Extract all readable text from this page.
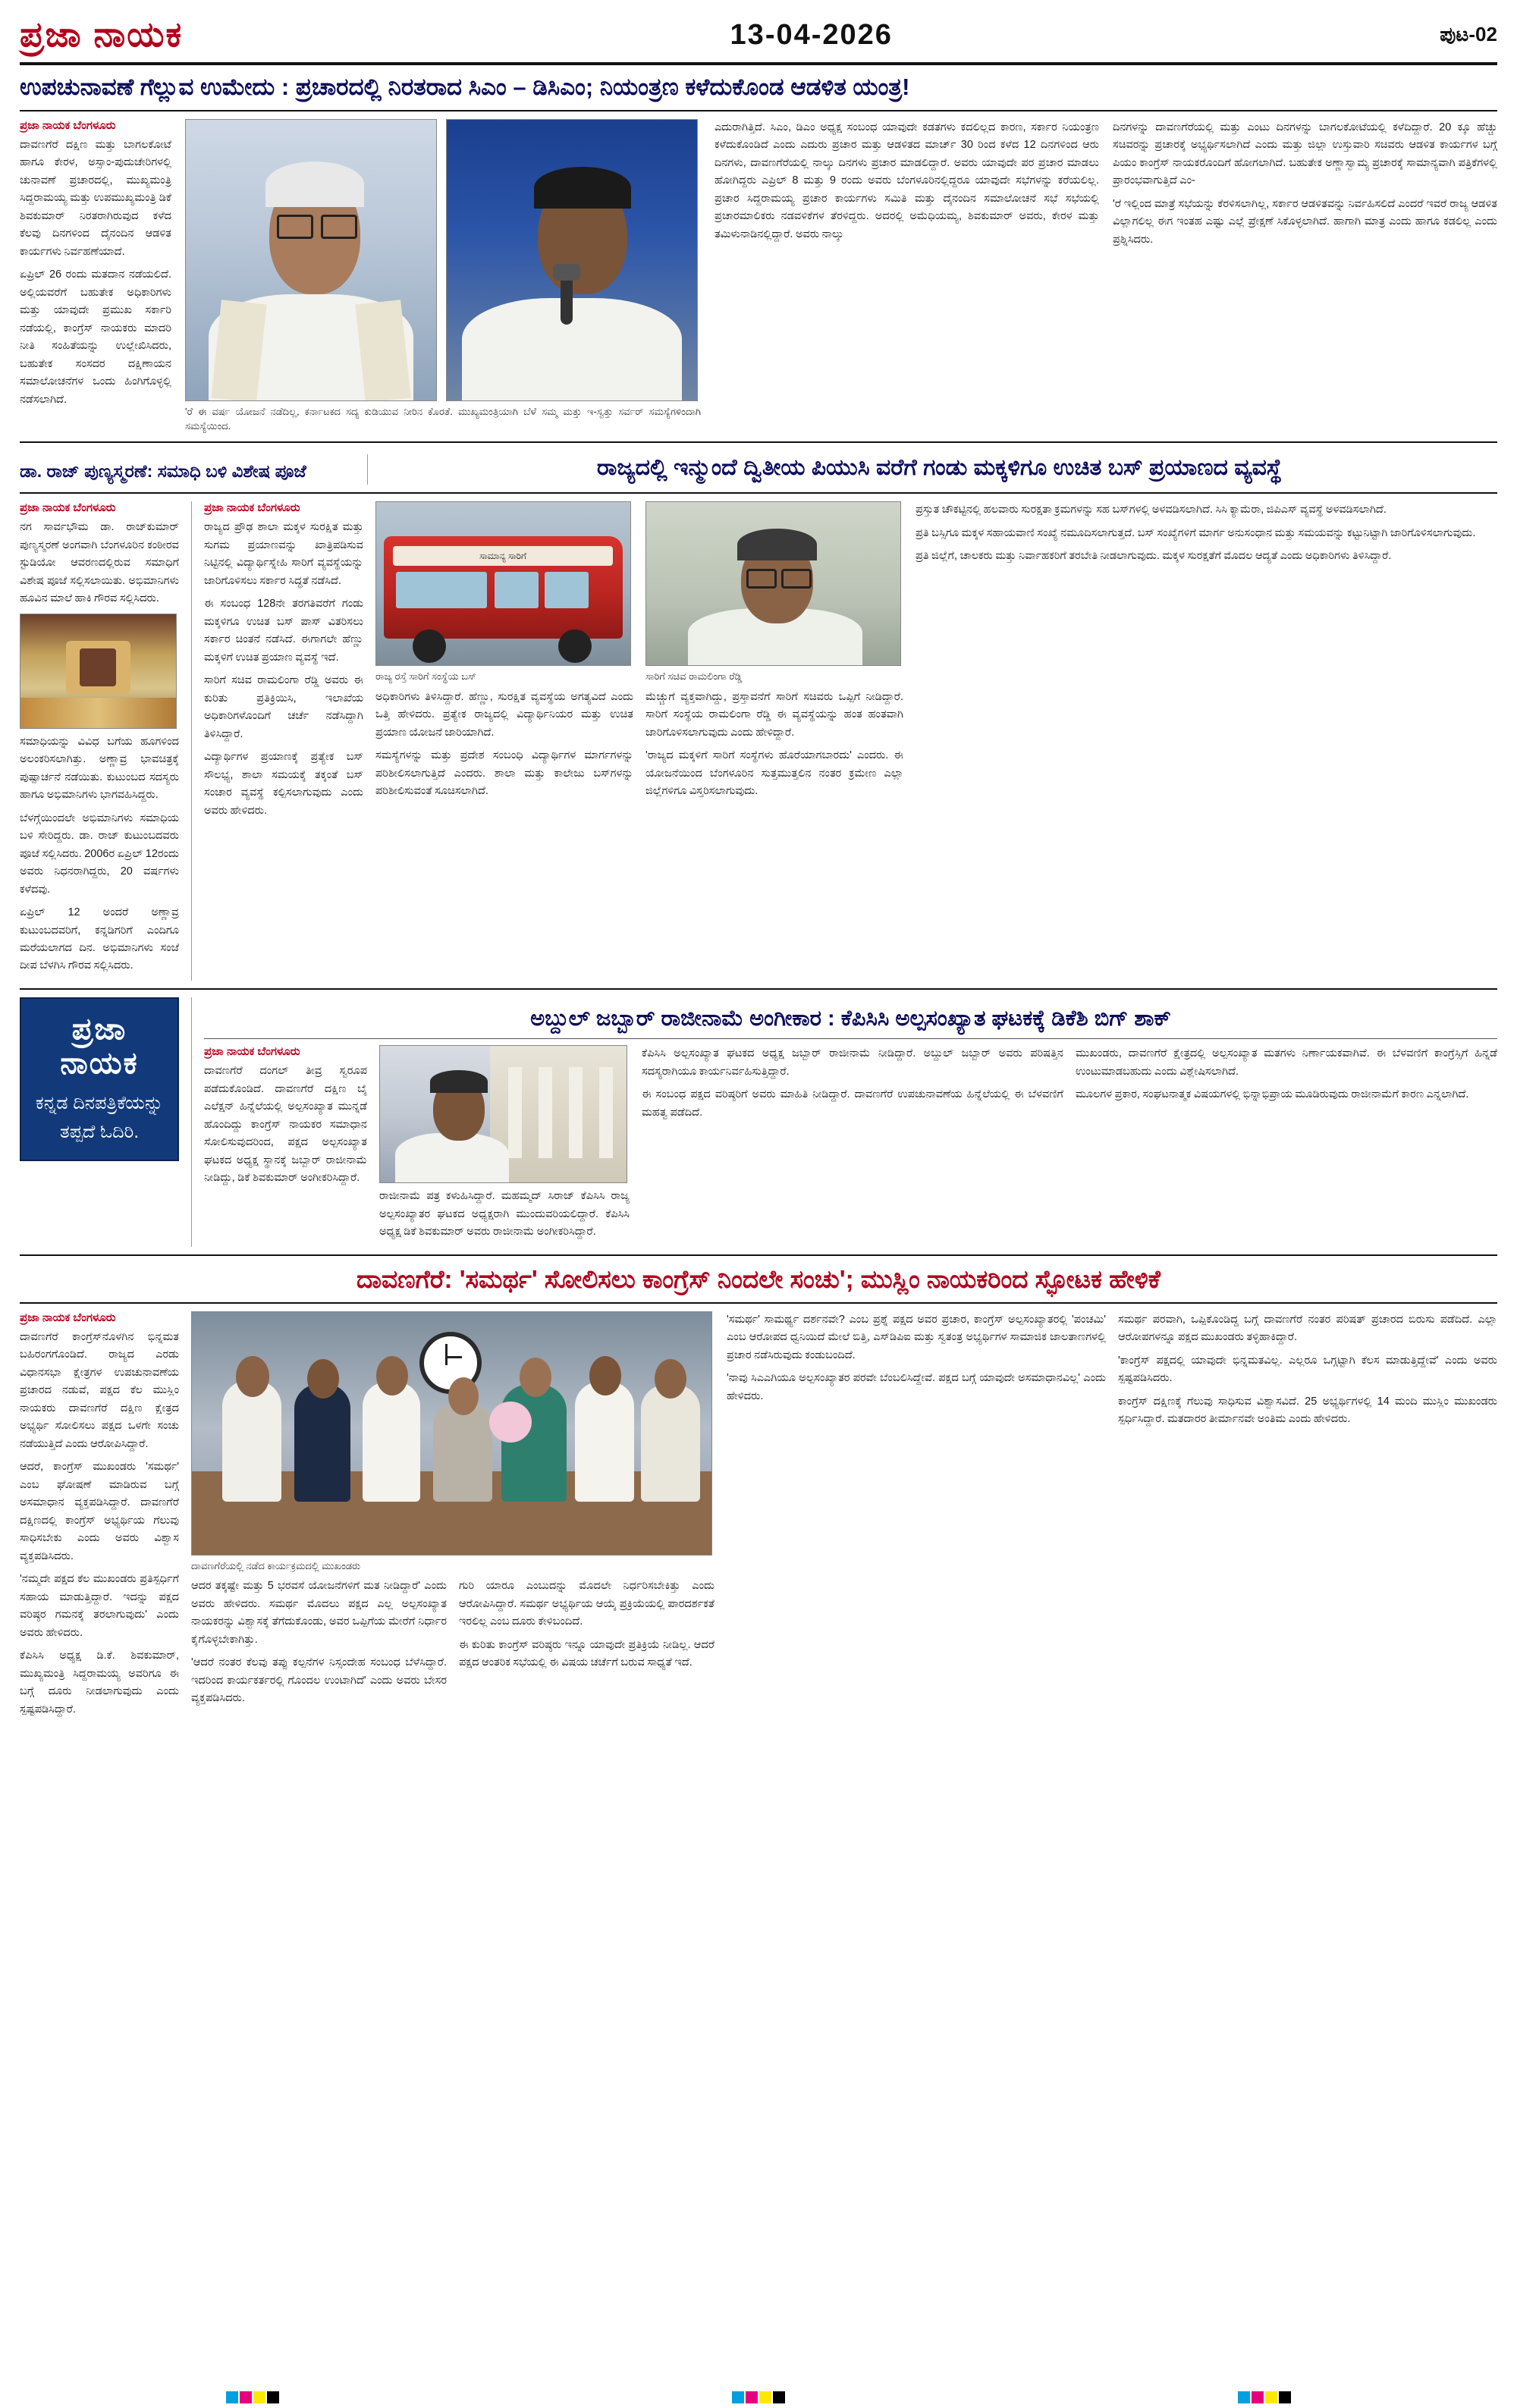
ಪ್ರಜಾ ನಾಯಕ	13-04-2026	ಪುಟ-02
ಉಪಚುನಾವಣೆ ಗೆಲ್ಲುವ ಉಮೇದು : ಪ್ರಚಾರದಲ್ಲಿ ನಿರತರಾದ ಸಿಎಂ – ಡಿಸಿಎಂ; ನಿಯಂತ್ರಣ ಕಳೆದುಕೊಂಡ ಆಡಳಿತ ಯಂತ್ರ!
ಪ್ರಜಾ ನಾಯಕ ಬೆಂಗಳೂರು

ದಾವಣಗೆರೆ ದಕ್ಷಿಣ ಮತ್ತು ಬಾಗಲಕೋಟೆ ಹಾಗೂ ಕೇರಳ, ಅಸ್ಸಾಂ-ಪುದುಚೇರಿಗಳಲ್ಲಿ ಚುನಾವಣೆ ಪ್ರಚಾರದಲ್ಲಿ, ಮುಖ್ಯಮಂತ್ರಿ ಸಿದ್ದರಾಮಯ್ಯ ಮತ್ತು ಉಪಮುಖ್ಯಮಂತ್ರಿ ಡಿಕೆ ಶಿವಕುಮಾರ್ ನಿರತರಾಗಿರುವುದ ಕಳೆದ ಕೆಲವು ದಿನಗಳಿಂದ ದೈನಂದಿನ ಆಡಳಿತ ಕಾರ್ಯಗಳು ನಿರ್ವಹಣೆಯಾದೆ.

ಏಪ್ರಿಲ್ 26 ರಂದು ಮತದಾನ ನಡೆಯಲಿದೆ. ಅಲ್ಲಿಯವರೆಗೆ ಬಹುತೇಕ ಅಧಿಕಾರಿಗಳು ಮತ್ತು ಯಾವುದೇ ಪ್ರಮುಖ ಸರ್ಕಾರಿ ನಡೆಯಲ್ಲಿ, ಕಾಂಗ್ರೆಸ್ ನಾಯಕರು ಮಾದರಿ ನೀತಿ ಸಂಹಿತೆಯನ್ನು ಉಲ್ಲೇಖಿಸಿದರು, ಬಹುತೇಕ ಸಂಸದರ ದಕ್ಷಿಣಾಯನ ಸಮಾಲೋಚನೆಗಳ ಒಂದು ಹಿಂಗಿಗೊಳ್ಳಲ್ಲಿ ನಡೆಸಲಾಗಿದೆ.

'ರೆ ಈ ವರ್ಷ ಯೋಜನೆ ನಡೆದಿಲ್ಲ, ಕರ್ನಾಟಕದ ಸದ್ಯ ಕುಡಿಯುವ ನೀರಿನ ಕೊರತೆ. ಮುಖ್ಯಮಂತ್ರಿಯಾಗಿ ಬೆಳೆ ಸಮ್ಮ ಮತ್ತು ಇ-ಸ್ವತ್ತು ಸರ್ವರ್ ಸಮಸ್ಯೆಗಳಿಂದಾಗಿ ಸಮಸ್ಯೆಯಿಂದ.

ಎದುರಾಗಿತ್ತಿದೆ. ಸಿಎಂ, ಡಿಎಂ ಅಧ್ಯಕ್ಷ ಸಂಬಂಧ ಯಾವುದೇ ಕಡತಗಳು ಕದಲಿಲ್ಲದ ಕಾರಣ, ಸರ್ಕಾರ ನಿಯಂತ್ರಣ ಕಳೆದುಕೊಂಡಿದೆ ಎಂದು ಎದುರು ಪ್ರಚಾರ ಮತ್ತು ಆಡಳಿತದ ಮಾರ್ಚ್ 30 ರಿಂದ ಕಳೆದ 12 ದಿನಗಳಿಂದ ಆರು ದಿನಗಳು, ದಾವಣಗೆರೆಯಲ್ಲಿ ನಾಲ್ಕು ದಿನಗಳು ಪ್ರಚಾರ ಮಾಡಲಿದ್ದಾರೆ. ಅವರು ಯಾವುದೇ ಪರ ಪ್ರಚಾರ ಮಾಡಲು ಹೋಗಿದ್ದರು ಎಪ್ರಿಲ್ 8 ಮತ್ತು 9 ರಂದು ಅವರು ಬೆಂಗಳೂರಿನಲ್ಲಿದ್ದರೂ ಯಾವುದೇ ಸಭೆಗಳನ್ನು ಕರೆಯಲಿಲ್ಲ. ಪ್ರಚಾರ ಸಿದ್ದರಾಮಯ್ಯ ಪ್ರಚಾರ ಕಾರ್ಯಗಳು ಸಮಿತಿ ಮತ್ತು ದೈನಂದಿನ ಸಮಾಲೋಚನೆ ಸಭೆ ಸಭೆಯಲ್ಲಿ ಪ್ರಚಾರಮಾಲಿಕರು ನಡವಳಿಕೆಗಳ ತೆರಳಿದ್ದರು. ಅದರಲ್ಲಿ ಅಮೆಧಿಯಮ್ಯ, ಶಿವಕುಮಾರ್ ಅವರು, ಕೇರಳ ಮತ್ತು ತಮಿಳುನಾಡಿನಲ್ಲಿದ್ದಾರೆ. ಅವರು ನಾಲ್ಕು

ದಿನಗಳನ್ನು ದಾವಣಗೆರೆಯಲ್ಲಿ ಮತ್ತು ಎಂಟು ದಿನಗಳನ್ನು ಬಾಗಲಕೋಟೆಯಲ್ಲಿ ಕಳೆದಿದ್ದಾರೆ. 20 ಕ್ಕೂ ಹೆಚ್ಚು ಸಚಿವರನ್ನು ಪ್ರಚಾರಕ್ಕೆ ಅಭ್ಯರ್ಥಿಸಲಾಗಿದೆ ಎಂದು ಮತ್ತು ಜಿಲ್ಲಾ ಉಸ್ತುವಾರಿ ಸಚಿವರು ಆಡಳಿತ ಕಾರ್ಯಗಳ ಬಗ್ಗೆ ಪಿಯಂ ಕಾಂಗ್ರೆಸ್ ನಾಯಕರೊಂದಿಗೆ ಹೋಗಲಾಗಿದೆ. ಬಹುತೇಕ ಅಣ್ಣಾಸ್ವಾಮ್ಯ ಪ್ರಚಾರಕ್ಕೆ ಸಾಮಾನ್ಯವಾಗಿ ಪತ್ರಿಕೆಗಳಲ್ಲಿ ಪ್ರಾರಂಭವಾಗುತ್ತಿದೆ ಎಂ-

'ರೆ ಇಲ್ಲಿಂದ ಮಾತ್ರೆ ಸಭೆಯನ್ನು ಕೆರಳಿಸಲಾಗಿಲ್ಲ, ಸರ್ಕಾರ ಆಡಳಿತವನ್ನು ನಿರ್ವಹಿಸಲಿದೆ ಎಂದರೆ ಇವರೆ ರಾಜ್ಯ ಆಡಳಿತ ವಿಲ್ಲಾಗಲಿಲ್ಲ ಈಗ ಇಂತಹ ಎಷ್ಟು ಎಲ್ಲೆ ಪ್ರೇಕ್ಷಣೆ ಸಿಕೊಳ್ಳಲಾಗಿದೆ. ಹಾಗಾಗಿ ಮಾತ್ರ ಎಂದು ಹಾಗೂ ಕಡಲಿಲ್ಲ ಎಂದು ಪ್ರಶ್ನಿಸಿದರು.

ಡಾ. ರಾಜ್ ಪುಣ್ಯಸ್ಮರಣೆ: ಸಮಾಧಿ ಬಳಿ ವಿಶೇಷ ಪೂಜೆ	ರಾಜ್ಯದಲ್ಲಿ ಇನ್ಮುಂದೆ ದ್ವಿತೀಯ ಪಿಯುಸಿ ವರೆಗೆ ಗಂಡು ಮಕ್ಕಳಿಗೂ ಉಚಿತ ಬಸ್ ಪ್ರಯಾಣದ ವ್ಯವಸ್ಥೆ
ಪ್ರಜಾ ನಾಯಕ ಬೆಂಗಳೂರು

ನಗ ಸಾರ್ವಭೌಮ ಡಾ. ರಾಜ್‌ಕುಮಾರ್ ಪುಣ್ಯಸ್ಮರಣೆ ಅಂಗವಾಗಿ ಬೆಂಗಳೂರಿನ ಕಂಠೀರವ ಸ್ಟುಡಿಯೋ ಆವರಣದಲ್ಲಿರುವ ಸಮಾಧಿಗೆ ವಿಶೇಷ ಪೂಜೆ ಸಲ್ಲಿಸಲಾಯಿತು. ಅಭಿಮಾನಿಗಳು ಹೂವಿನ ಮಾಲೆ ಹಾಕಿ ಗೌರವ ಸಲ್ಲಿಸಿದರು.

ಸಮಾಧಿಯನ್ನು ವಿವಿಧ ಬಗೆಯ ಹೂಗಳಿಂದ ಅಲಂಕರಿಸಲಾಗಿತ್ತು. ಅಣ್ಣಾವ್ರ ಭಾವಚಿತ್ರಕ್ಕೆ ಪುಷ್ಪಾರ್ಚನೆ ನಡೆಯಿತು. ಕುಟುಂಬದ ಸದಸ್ಯರು ಹಾಗೂ ಅಭಿಮಾನಿಗಳು ಭಾಗವಹಿಸಿದ್ದರು.

ಬೆಳಗ್ಗೆಯಿಂದಲೇ ಅಭಿಮಾನಿಗಳು ಸಮಾಧಿಯ ಬಳಿ ಸೇರಿದ್ದರು. ಡಾ. ರಾಜ್ ಕುಟುಂಬದವರು ಪೂಜೆ ಸಲ್ಲಿಸಿದರು. 2006ರ ಏಪ್ರಿಲ್ 12ರಂದು ಅವರು ನಿಧನರಾಗಿದ್ದರು, 20 ವರ್ಷಗಳು ಕಳೆದವು.

ಏಪ್ರಿಲ್ 12 ಅಂದರೆ ಅಣ್ಣಾವ್ರ ಕುಟುಂಬದವರಿಗೆ, ಕನ್ನಡಿಗರಿಗೆ ಎಂದಿಗೂ ಮರೆಯಲಾಗದ ದಿನ. ಅಭಿಮಾನಿಗಳು ಸಂಜೆ ದೀಪ ಬೆಳಗಿಸಿ ಗೌರವ ಸಲ್ಲಿಸಿದರು.

ಪ್ರಜಾ ನಾಯಕ ಬೆಂಗಳೂರು

ರಾಜ್ಯದ ಪ್ರೌಢ ಶಾಲಾ ಮಕ್ಕಳ ಸುರಕ್ಷಿತ ಮತ್ತು ಸುಗಮ ಪ್ರಯಾಣವನ್ನು ಖಾತ್ರಿಪಡಿಸುವ ನಿಟ್ಟಿನಲ್ಲಿ ವಿದ್ಯಾರ್ಥಿಸ್ನೇಹಿ ಸಾರಿಗೆ ವ್ಯವಸ್ಥೆಯನ್ನು ಜಾರಿಗೊಳಿಸಲು ಸರ್ಕಾರ ಸಿದ್ಧತೆ ನಡೆಸಿದೆ.

ಈ ಸಂಬಂಧ 128ನೇ ತರಗತಿವರೆಗೆ ಗಂಡು ಮಕ್ಕಳಿಗೂ ಉಚಿತ ಬಸ್ ಪಾಸ್ ವಿತರಿಸಲು ಸರ್ಕಾರ ಚಿಂತನೆ ನಡೆಸಿದೆ. ಈಗಾಗಲೇ ಹೆಣ್ಣು ಮಕ್ಕಳಿಗೆ ಉಚಿತ ಪ್ರಯಾಣ ವ್ಯವಸ್ಥೆ ಇದೆ.

ಸಾರಿಗೆ ಸಚಿವ ರಾಮಲಿಂಗಾ ರೆಡ್ಡಿ ಅವರು ಈ ಕುರಿತು ಪ್ರತಿಕ್ರಿಯಿಸಿ, ಇಲಾಖೆಯ ಅಧಿಕಾರಿಗಳೊಂದಿಗೆ ಚರ್ಚೆ ನಡೆಸಿದ್ದಾಗಿ ತಿಳಿಸಿದ್ದಾರೆ.

ವಿದ್ಯಾರ್ಥಿಗಳ ಪ್ರಯಾಣಕ್ಕೆ ಪ್ರತ್ಯೇಕ ಬಸ್ ಸೌಲಭ್ಯ, ಶಾಲಾ ಸಮಯಕ್ಕೆ ತಕ್ಕಂತೆ ಬಸ್ ಸಂಚಾರ ವ್ಯವಸ್ಥೆ ಕಲ್ಪಿಸಲಾಗುವುದು ಎಂದು ಅವರು ಹೇಳಿದರು.

ಸಾಮಾನ್ಯ ಸಾರಿಗೆ
ರಾಜ್ಯ ರಸ್ತೆ ಸಾರಿಗೆ ಸಂಸ್ಥೆಯ ಬಸ್

ಅಧಿಕಾರಿಗಳು ತಿಳಿಸಿದ್ದಾರೆ. ಹೆಣ್ಣು, ಸುರಕ್ಷಿತ ವ್ಯವಸ್ಥೆಯ ಅಗತ್ಯವಿದೆ ಎಂದು ಒತ್ತಿ ಹೇಳಿದರು. ಪ್ರತ್ಯೇಕ ರಾಜ್ಯದಲ್ಲಿ ವಿದ್ಯಾರ್ಥಿನಿಯರ ಮತ್ತು ಉಚಿತ ಪ್ರಯಾಣ ಯೋಜನೆ ಜಾರಿಯಾಗಿದೆ.

ಸಮಸ್ಯೆಗಳನ್ನು ಮತ್ತು ಪ್ರದೇಶ ಸಂಬಂಧಿ ವಿದ್ಯಾರ್ಥಿಗಳ ಮಾರ್ಗಗಳನ್ನು ಪರಿಶೀಲಿಸಲಾಗುತ್ತಿದೆ ಎಂದರು. ಶಾಲಾ ಮತ್ತು ಕಾಲೇಜು ಬಸ್‌ಗಳನ್ನು ಪರಿಶೀಲಿಸುವಂತೆ ಸೂಚಿಸಲಾಗಿದೆ.

ಸಾರಿಗೆ ಸಚಿವ ರಾಮಲಿಂಗಾ ರೆಡ್ಡಿ

ಮೆಚ್ಚುಗೆ ವ್ಯಕ್ತವಾಗಿದ್ದು, ಪ್ರಸ್ತಾವನೆಗೆ ಸಾರಿಗೆ ಸಚಿವರು ಒಪ್ಪಿಗೆ ನೀಡಿದ್ದಾರೆ. ಸಾರಿಗೆ ಸಂಸ್ಥೆಯ ರಾಮಲಿಂಗಾ ರೆಡ್ಡಿ ಈ ವ್ಯವಸ್ಥೆಯನ್ನು ಹಂತ ಹಂತವಾಗಿ ಜಾರಿಗೊಳಿಸಲಾಗುವುದು ಎಂದು ಹೇಳಿದ್ದಾರೆ.

'ರಾಜ್ಯದ ಮಕ್ಕಳಿಗೆ ಸಾರಿಗೆ ಸಂಸ್ಥೆಗಳು ಹೊರೆಯಾಗಬಾರದು' ಎಂದರು. ಈ ಯೋಜನೆಯಿಂದ ಬೆಂಗಳೂರಿನ ಸುತ್ತಮುತ್ತಲಿನ ನಂತರ ಕ್ರಮೇಣ ಎಲ್ಲಾ ಜಿಲ್ಲೆಗಳಿಗೂ ವಿಸ್ತರಿಸಲಾಗುವುದು.

ಪ್ರಸ್ತುತ ಚೌಕಟ್ಟಿನಲ್ಲಿ ಹಲವಾರು ಸುರಕ್ಷತಾ ಕ್ರಮಗಳನ್ನು ಸಹ ಬಸ್‌ಗಳಲ್ಲಿ ಅಳವಡಿಸಲಾಗಿದೆ. ಸಿಸಿ ಕ್ಯಾಮೆರಾ, ಜಿಪಿಎಸ್ ವ್ಯವಸ್ಥೆ ಅಳವಡಿಸಲಾಗಿದೆ.

ಪ್ರತಿ ಬಸ್ಸಿಗೂ ಮಕ್ಕಳ ಸಹಾಯವಾಣಿ ಸಂಖ್ಯೆ ನಮೂದಿಸಲಾಗುತ್ತದೆ. ಬಸ್ ಸಂಖ್ಯೆಗಳಿಗೆ ಮಾರ್ಗ ಅನುಸಂಧಾನ ಮತ್ತು ಸಮಯವನ್ನು ಕಟ್ಟುನಿಟ್ಟಾಗಿ ಜಾರಿಗೊಳಿಸಲಾಗುವುದು.

ಪ್ರತಿ ಜಿಲ್ಲೆಗೆ, ಚಾಲಕರು ಮತ್ತು ನಿರ್ವಾಹಕರಿಗೆ ತರಬೇತಿ ನೀಡಲಾಗುವುದು. ಮಕ್ಕಳ ಸುರಕ್ಷತೆಗೆ ಮೊದಲ ಆದ್ಯತೆ ಎಂದು ಅಧಿಕಾರಿಗಳು ತಿಳಿಸಿದ್ದಾರೆ.

ಪ್ರಜಾ ನಾಯಕ
ಕನ್ನಡ ದಿನಪತ್ರಿಕೆಯನ್ನು
ತಪ್ಪದೆ ಓದಿರಿ.
ಅಬ್ದುಲ್ ಜಬ್ಬಾರ್ ರಾಜೀನಾಮೆ ಅಂಗೀಕಾರ : ಕೆಪಿಸಿಸಿ ಅಲ್ಪಸಂಖ್ಯಾತ ಘಟಕಕ್ಕೆ ಡಿಕೆಶಿ ಬಿಗ್ ಶಾಕ್
ಪ್ರಜಾ ನಾಯಕ ಬೆಂಗಳೂರು

ದಾವಣಗೆರೆ ದಂಗಲ್ ತೀವ್ರ ಸ್ವರೂಪ ಪಡೆದುಕೊಂಡಿದೆ. ದಾವಣಗೆರೆ ದಕ್ಷಿಣ ಬೈ ಎಲೆಕ್ಷನ್ ಹಿನ್ನೆಲೆಯಲ್ಲಿ ಅಲ್ಪಸಂಖ್ಯಾತ ಮುನ್ನಡೆ ಹೊಂದಿದ್ದು ಕಾಂಗ್ರೆಸ್ ನಾಯಕರ ಸಮಾಧಾನ ಸೋಲಿಸುವುದರಿಂದ, ಪಕ್ಷದ ಅಲ್ಪಸಂಖ್ಯಾತ ಘಟಕದ ಅಧ್ಯಕ್ಷ ಸ್ಥಾನಕ್ಕೆ ಜಬ್ಬಾರ್ ರಾಜೀನಾಮೆ ನೀಡಿದ್ದು, ಡಿಕೆ ಶಿವಕುಮಾರ್ ಅಂಗೀಕರಿಸಿದ್ದಾರೆ.

ರಾಜೀನಾಮೆ ಪತ್ರ ಕಳುಹಿಸಿದ್ದಾರೆ. ಮಹಮ್ಮದ್ ಸಿರಾಜ್ ಕೆಪಿಸಿಸಿ ರಾಜ್ಯ ಅಲ್ಪಸಂಖ್ಯಾತರ ಘಟಕದ ಅಧ್ಯಕ್ಷರಾಗಿ ಮುಂದುವರಿಯಲಿದ್ದಾರೆ. ಕೆಪಿಸಿಸಿ ಅಧ್ಯಕ್ಷ ಡಿಕೆ ಶಿವಕುಮಾರ್ ಅವರು ರಾಜೀನಾಮೆ ಅಂಗೀಕರಿಸಿದ್ದಾರೆ.

ಕೆಪಿಸಿಸಿ ಅಲ್ಪಸಂಖ್ಯಾತ ಘಟಕದ ಅಧ್ಯಕ್ಷ ಜಬ್ಬಾರ್ ರಾಜೀನಾಮೆ ನೀಡಿದ್ದಾರೆ. ಅಬ್ದುಲ್ ಜಬ್ಬಾರ್ ಅವರು ಪರಿಷತ್ತಿನ ಸದಸ್ಯರಾಗಿಯೂ ಕಾರ್ಯನಿರ್ವಹಿಸುತ್ತಿದ್ದಾರೆ.

ಈ ಸಂಬಂಧ ಪಕ್ಷದ ವರಿಷ್ಠರಿಗೆ ಅವರು ಮಾಹಿತಿ ನೀಡಿದ್ದಾರೆ. ದಾವಣಗೆರೆ ಉಪಚುನಾವಣೆಯ ಹಿನ್ನೆಲೆಯಲ್ಲಿ ಈ ಬೆಳವಣಿಗೆ ಮಹತ್ವ ಪಡೆದಿದೆ.

ಮುಖಂಡರು, ದಾವಣಗೆರೆ ಕ್ಷೇತ್ರದಲ್ಲಿ ಅಲ್ಪಸಂಖ್ಯಾತ ಮತಗಳು ನಿರ್ಣಾಯಕವಾಗಿವೆ. ಈ ಬೆಳವಣಿಗೆ ಕಾಂಗ್ರೆಸ್ಸಿಗೆ ಹಿನ್ನಡೆ ಉಂಟುಮಾಡಬಹುದು ಎಂದು ವಿಶ್ಲೇಷಿಸಲಾಗಿದೆ.

ಮೂಲಗಳ ಪ್ರಕಾರ, ಸಂಘಟನಾತ್ಮಕ ವಿಷಯಗಳಲ್ಲಿ ಭಿನ್ನಾಭಿಪ್ರಾಯ ಮೂಡಿರುವುದು ರಾಜೀನಾಮೆಗೆ ಕಾರಣ ಎನ್ನಲಾಗಿದೆ.

ದಾವಣಗೆರೆ: 'ಸಮರ್ಥ' ಸೋಲಿಸಲು ಕಾಂಗ್ರೆಸ್ ನಿಂದಲೇ ಸಂಚು'; ಮುಸ್ಲಿಂ ನಾಯಕರಿಂದ ಸ್ಫೋಟಕ ಹೇಳಿಕೆ
ಪ್ರಜಾ ನಾಯಕ ಬೆಂಗಳೂರು

ದಾವಣಗೆರೆ ಕಾಂಗ್ರೆಸ್‌ನೊಳಗಿನ ಭಿನ್ನಮತ ಬಹಿರಂಗಗೊಂಡಿದೆ. ರಾಜ್ಯದ ಎರಡು ವಿಧಾನಸಭಾ ಕ್ಷೇತ್ರಗಳ ಉಪಚುನಾವಣೆಯ ಪ್ರಚಾರದ ನಡುವೆ, ಪಕ್ಷದ ಕೆಲ ಮುಸ್ಲಿಂ ನಾಯಕರು ದಾವಣಗೆರೆ ದಕ್ಷಿಣ ಕ್ಷೇತ್ರದ ಅಭ್ಯರ್ಥಿ ಸೋಲಿಸಲು ಪಕ್ಷದ ಒಳಗೇ ಸಂಚು ನಡೆಯುತ್ತಿದೆ ಎಂದು ಆರೋಪಿಸಿದ್ದಾರೆ.

ಆದರೆ, ಕಾಂಗ್ರೆಸ್ ಮುಖಂಡರು 'ಸಮರ್ಥ' ಎಂಬ ಘೋಷಣೆ ಮಾಡಿರುವ ಬಗ್ಗೆ ಅಸಮಾಧಾನ ವ್ಯಕ್ತಪಡಿಸಿದ್ದಾರೆ. ದಾವಣಗೆರೆ ದಕ್ಷಿಣದಲ್ಲಿ ಕಾಂಗ್ರೆಸ್ ಅಭ್ಯರ್ಥಿಯ ಗೆಲುವು ಸಾಧಿಸಬೇಕು ಎಂದು ಅವರು ವಿಶ್ವಾಸ ವ್ಯಕ್ತಪಡಿಸಿದರು.

'ನಮ್ಮದೇ ಪಕ್ಷದ ಕೆಲ ಮುಖಂಡರು ಪ್ರತಿಸ್ಪರ್ಧಿಗೆ ಸಹಾಯ ಮಾಡುತ್ತಿದ್ದಾರೆ. ಇದನ್ನು ಪಕ್ಷದ ವರಿಷ್ಠರ ಗಮನಕ್ಕೆ ತರಲಾಗುವುದು' ಎಂದು ಅವರು ಹೇಳಿದರು.

ಕೆಪಿಸಿಸಿ ಅಧ್ಯಕ್ಷ ಡಿ.ಕೆ. ಶಿವಕುಮಾರ್, ಮುಖ್ಯಮಂತ್ರಿ ಸಿದ್ದರಾಮಯ್ಯ ಅವರಿಗೂ ಈ ಬಗ್ಗೆ ದೂರು ನೀಡಲಾಗುವುದು ಎಂದು ಸ್ಪಷ್ಟಪಡಿಸಿದ್ದಾರೆ.

ದಾವಣಗೆರೆಯಲ್ಲಿ ನಡೆದ ಕಾರ್ಯಕ್ರಮದಲ್ಲಿ ಮುಖಂಡರು

ಆದರ ತಕ್ಕಷ್ಟೇ ಮತ್ತು 5 ಭರವಸೆ ಯೋಜನೆಗಳಿಗೆ ಮತ ನೀಡಿದ್ದಾರೆ' ಎಂದು ಅವರು ಹೇಳಿದರು. ಸಮರ್ಥ ಮೊದಲು ಪಕ್ಷದ ಎಲ್ಲ ಅಲ್ಪಸಂಖ್ಯಾತ ನಾಯಕರನ್ನು ವಿಶ್ವಾಸಕ್ಕೆ ತೆಗೆದುಕೊಂಡು, ಅವರ ಒಪ್ಪಿಗೆಯ ಮೇರೆಗೆ ನಿರ್ಧಾರ ಕೈಗೊಳ್ಳಬೇಕಾಗಿತ್ತು.

'ಆದರೆ ನಂತರ ಕೆಲವು ತಪ್ಪು ಕಲ್ಪನೆಗಳ ನಿಸ್ಸಂದೇಹ ಸಂಬಂಧ ಬೆಳೆಸಿದ್ದಾರೆ. ಇದರಿಂದ ಕಾರ್ಯಕರ್ತರಲ್ಲಿ ಗೊಂದಲ ಉಂಟಾಗಿದೆ' ಎಂದು ಅವರು ಬೇಸರ ವ್ಯಕ್ತಪಡಿಸಿದರು.

ಗುರಿ ಯಾರೂ ಎಂಬುದನ್ನು ಮೊದಲೇ ನಿರ್ಧರಿಸಬೇಕಿತ್ತು ಎಂದು ಆರೋಪಿಸಿದ್ದಾರೆ. ಸಮರ್ಥ ಅಭ್ಯರ್ಥಿಯ ಆಯ್ಕೆ ಪ್ರಕ್ರಿಯೆಯಲ್ಲಿ ಪಾರದರ್ಶಕತೆ ಇರಲಿಲ್ಲ ಎಂಬ ದೂರು ಕೇಳಿಬಂದಿದೆ.

ಈ ಕುರಿತು ಕಾಂಗ್ರೆಸ್ ವರಿಷ್ಠರು ಇನ್ನೂ ಯಾವುದೇ ಪ್ರತಿಕ್ರಿಯೆ ನೀಡಿಲ್ಲ. ಆದರೆ ಪಕ್ಷದ ಆಂತರಿಕ ಸಭೆಯಲ್ಲಿ ಈ ವಿಷಯ ಚರ್ಚೆಗೆ ಬರುವ ಸಾಧ್ಯತೆ ಇದೆ.

'ಸಮರ್ಥ' ಸಾಮರ್ಥ್ಯ ದರ್ಶನವೇ? ಎಂಬ ಪ್ರಶ್ನೆ ಪಕ್ಷದ ಅವರ ಪ್ರಚಾರ, ಕಾಂಗ್ರೆಸ್ ಅಲ್ಪಸಂಖ್ಯಾತರಲ್ಲಿ 'ಪಂಚಮಿ' ಎಂಬ ಆರೋಪದ ಧ್ವನಿಯಿದೆ ಮೇಲೆ ಬಿತ್ತಿ, ಎಸ್‌ಡಿಪಿಐ ಮತ್ತು ಸ್ವತಂತ್ರ ಅಭ್ಯರ್ಥಿಗಳ ಸಾಮಾಜಿಕ ಜಾಲತಾಣಗಳಲ್ಲಿ ಪ್ರಚಾರ ನಡೆಸಿರುವುದು ಕಂಡುಬಂದಿದೆ.

'ನಾವು ಸಿಎಎಗಿಯೂ ಅಲ್ಪಸಂಖ್ಯಾತರ ಪರವೇ ಬೆಂಬಲಿಸಿದ್ದೇವೆ. ಪಕ್ಷದ ಬಗ್ಗೆ ಯಾವುದೇ ಅಸಮಾಧಾನವಿಲ್ಲ' ಎಂದು ಹೇಳಿದರು.

ಸಮರ್ಥ ಪರವಾಗಿ, ಒಪ್ಪಿಕೊಂಡಿದ್ದ ಬಗ್ಗೆ ದಾವಣಗೆರೆ ನಂತರ ಪರಿಷತ್ ಪ್ರಚಾರದ ಬಿರುಸು ಪಡೆದಿದೆ. ಎಲ್ಲಾ ಆರೋಪಗಳನ್ನೂ ಪಕ್ಷದ ಮುಖಂಡರು ತಳ್ಳಿಹಾಕಿದ್ದಾರೆ.

'ಕಾಂಗ್ರೆಸ್ ಪಕ್ಷದಲ್ಲಿ ಯಾವುದೇ ಭಿನ್ನಮತವಿಲ್ಲ. ಎಲ್ಲರೂ ಒಗ್ಗಟ್ಟಾಗಿ ಕೆಲಸ ಮಾಡುತ್ತಿದ್ದೇವೆ' ಎಂದು ಅವರು ಸ್ಪಷ್ಟಪಡಿಸಿದರು.

ಕಾಂಗ್ರೆಸ್ ದಕ್ಷಿಣಕ್ಕೆ ಗೆಲುವು ಸಾಧಿಸುವ ವಿಶ್ವಾಸವಿದೆ. 25 ಅಭ್ಯರ್ಥಿಗಳಲ್ಲಿ 14 ಮಂದಿ ಮುಸ್ಲಿಂ ಮುಖಂಡರು ಸ್ಪರ್ಧಿಸಿದ್ದಾರೆ. ಮತದಾರರ ತೀರ್ಮಾನವೇ ಅಂತಿಮ ಎಂದು ಹೇಳಿದರು.
